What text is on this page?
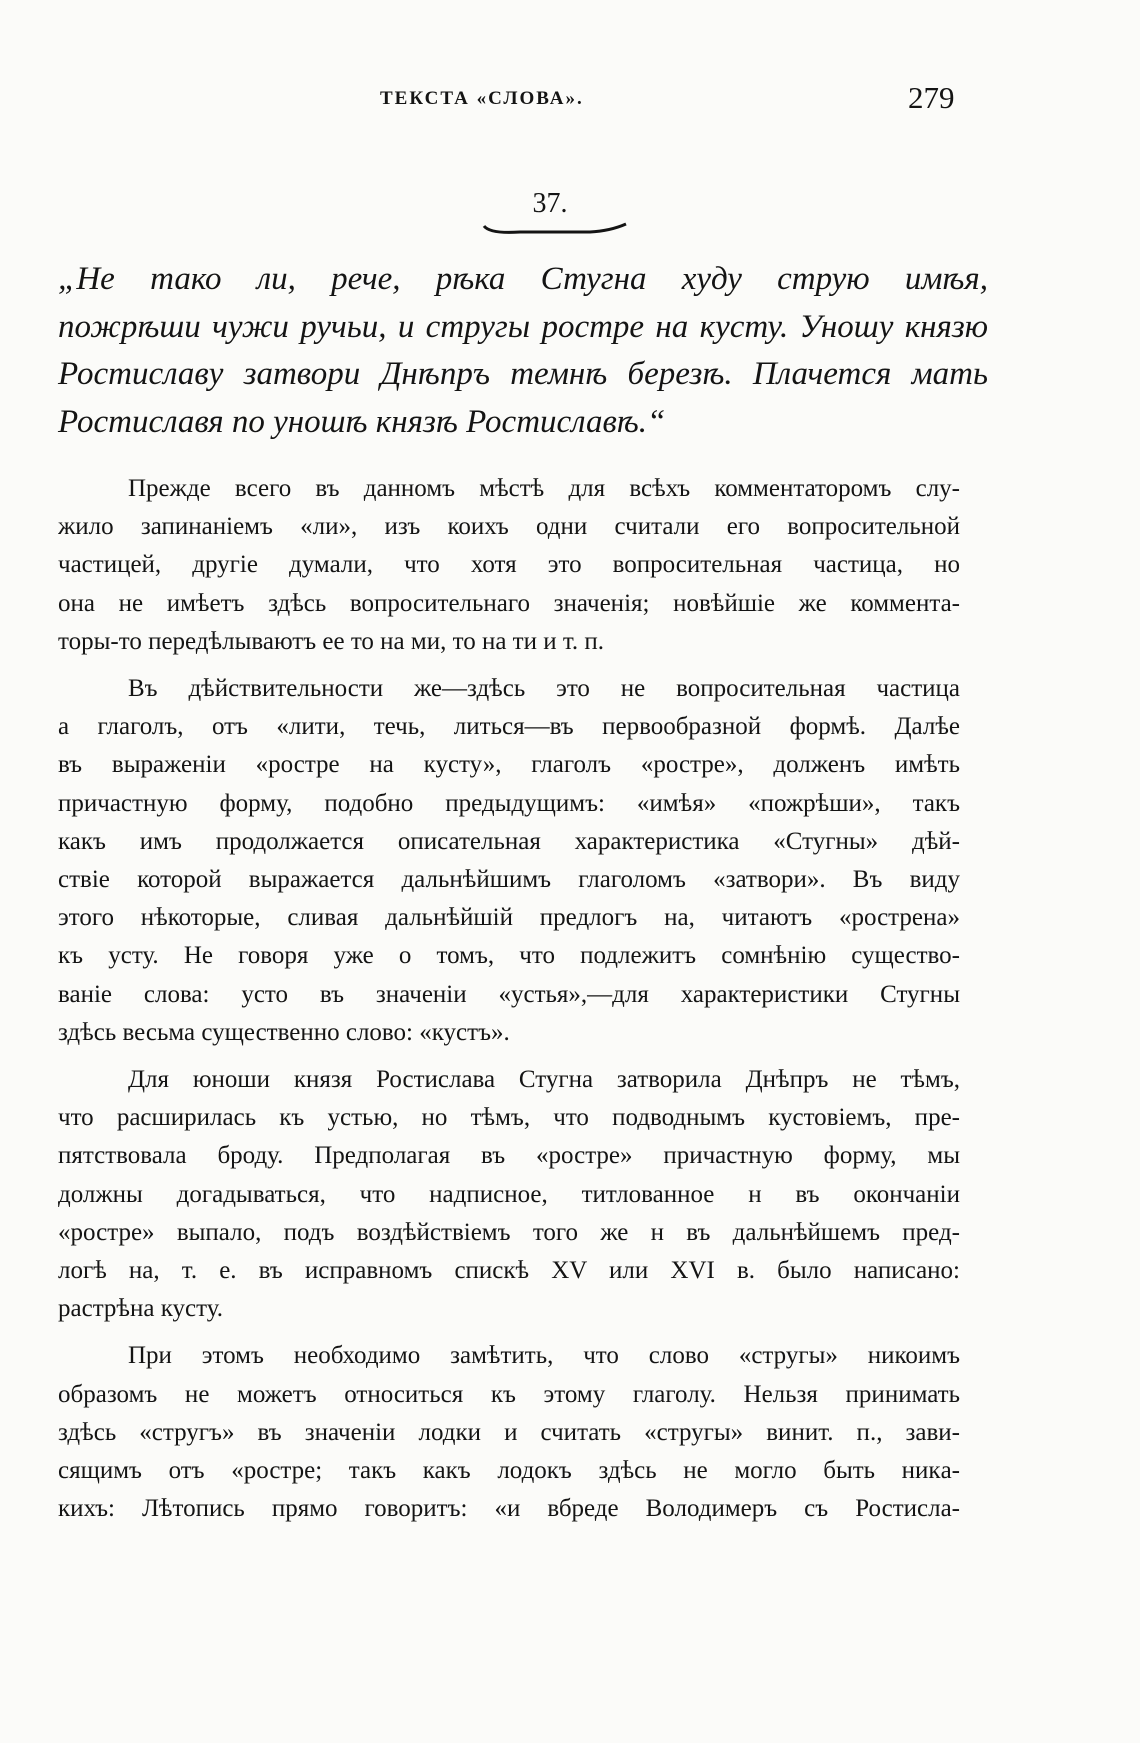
ТЕКСТА «СЛОВА».	279
37.
„Не тако ли, рече, рѣка Стугна худу струю имѣя,
пожрѣши чужи ручьи, и стругы ростре на кусту. Уношу князю
Ростиславу затвори Днѣпръ темнѣ березѣ. Плачется мать
Ростиславя по уношѣ князѣ Ростиславѣ.“
Прежде всего въ данномъ мѣстѣ для всѣхъ комментаторомъ слу-
жило запинаніемъ «ли», изъ коихъ одни считали его вопросительной
частицей, другіе думали, что хотя это вопросительная частица, но
она не имѣетъ здѣсь вопросительнаго значенія; новѣйшіе же коммента-
торы-то передѣлываютъ ее то на ми, то на ти и т. п.
Въ дѣйствительности же—здѣсь это не вопросительная частица
а глаголъ, отъ «лити, течь, литься—въ первообразной формѣ. Далѣе
въ выраженіи «ростре на кусту», глаголъ «ростре», долженъ имѣть
причастную форму, подобно предыдущимъ: «имѣя» «пожрѣши», такъ
какъ имъ продолжается описательная характеристика «Стугны» дѣй-
ствіе которой выражается дальнѣйшимъ глаголомъ «затвори». Въ виду
этого нѣкоторые, сливая дальнѣйшій предлогъ на, читаютъ «рострена»
къ усту. Не говоря уже о томъ, что подлежитъ сомнѣнію существо-
ваніе слова: усто въ значеніи «устья»,—для характеристики Стугны
здѣсь весьма существенно слово: «кустъ».
Для юноши князя Ростислава Стугна затворила Днѣпръ не тѣмъ,
что расширилась къ устью, но тѣмъ, что подводнымъ кустовіемъ, пре-
пятствовала броду. Предполагая въ «ростре» причастную форму, мы
должны догадываться, что надписное, титлованное н въ окончаніи
«ростре» выпало, подъ воздѣйствіемъ того же н въ дальнѣйшемъ пред-
логѣ на, т. е. въ исправномъ спискѣ XV или XVI в. было написано:
растрѣна кусту.
При этомъ необходимо замѣтить, что слово «стругы» никоимъ
образомъ не можетъ относиться къ этому глаголу. Нельзя принимать
здѣсь «стругъ» въ значеніи лодки и считать «стругы» винит. п., зави-
сящимъ отъ «ростре; такъ какъ лодокъ здѣсь не могло быть никa-
кихъ: Лѣтопись прямо говоритъ: «и вбреде Володимеръ съ Ростисла-
